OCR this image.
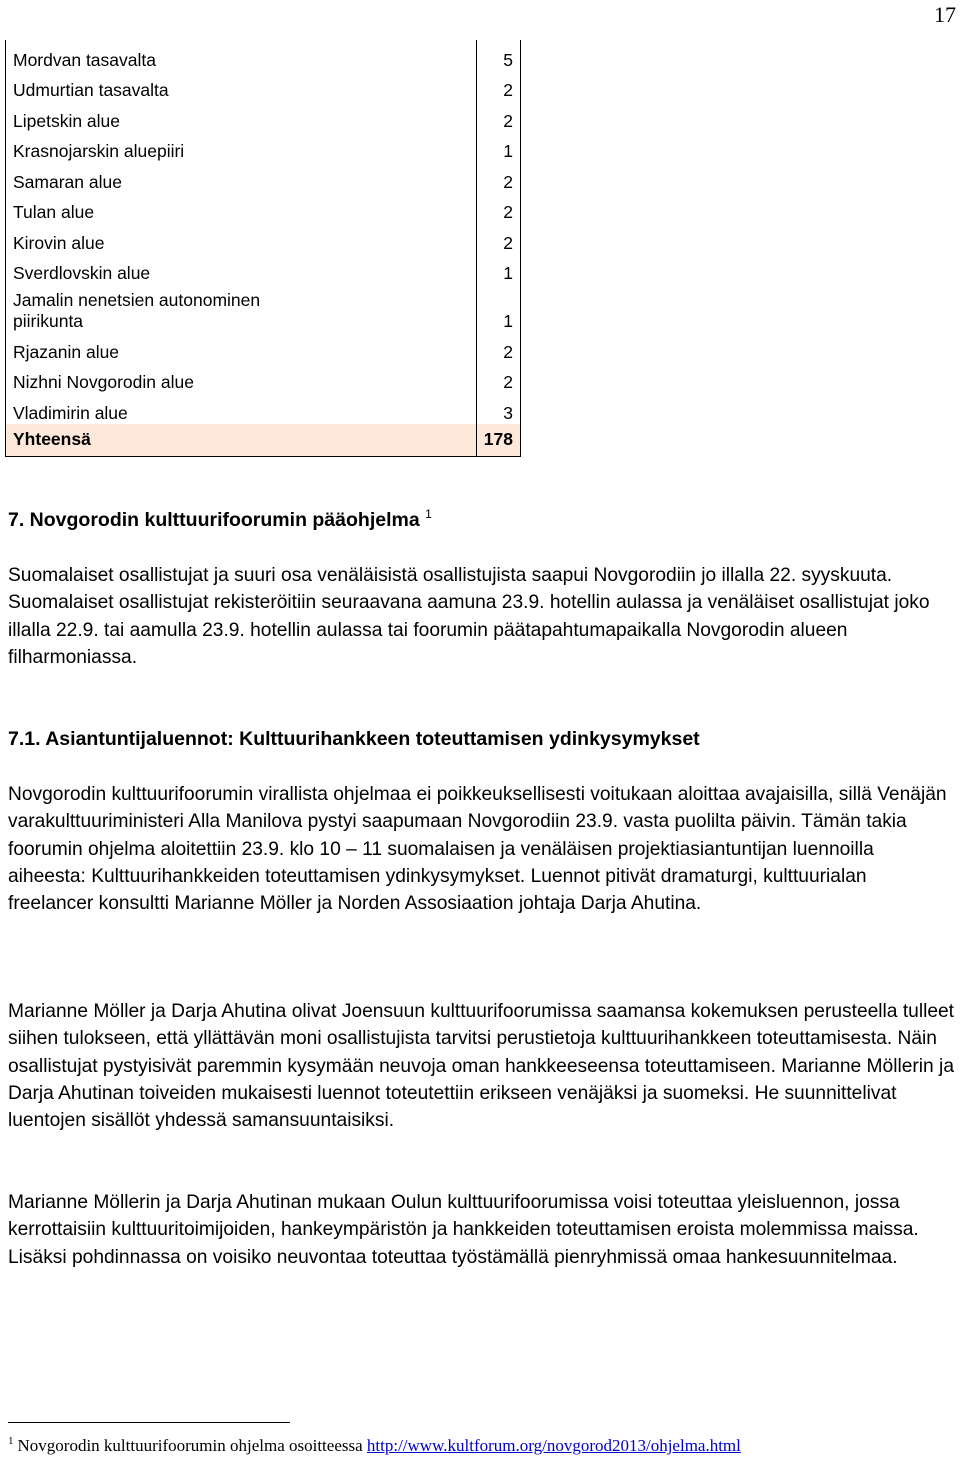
17
Mordvan tasavalta	5
Udmurtian tasavalta	2
Lipetskin alue	2
Krasnojarskin aluepiiri	1
Samaran alue	2
Tulan alue	2
Kirovin alue	2
Sverdlovskin alue	1
Jamalin nenetsien autonominen piirikunta	1
Rjazanin alue	2
Nizhni Novgorodin alue	2
Vladimirin alue	3
Yhteensä	178
7. Novgorodin kulttuurifoorumin pääohjelma $^1$

Suomalaiset osallistujat ja suuri osa venäläisistä osallistujista saapui Novgorodiin jo illalla 22. syyskuuta. Suomalaiset osallistujat rekisteröitiin seuraavana aamuna 23.9. hotellin aulassa ja venäläiset osallistujat joko illalla 22.9. tai aamulla 23.9. hotellin aulassa tai foorumin päätapahtumapaikalla Novgorodin alueen filharmoniassa.

7.1. Asiantuntijaluennot: Kulttuurihankkeen toteuttamisen ydinkysymykset

Novgorodin kulttuurifoorumin virallista ohjelmaa ei poikkeuksellisesti voitukaan aloittaa avajaisilla, sillä Venäjän varakulttuuriministeri Alla Manilova pystyi saapumaan Novgorodiin 23.9. vasta puolilta päivin. Tämän takia foorumin ohjelma aloitettiin 23.9. klo 10 – 11 suomalaisen ja venäläisen projektiasiantuntijan luennoilla aiheesta: Kulttuurihankkeiden toteuttamisen ydinkysymykset. Luennot pitivät dramaturgi, kulttuurialan freelancer konsultti Marianne Möller ja Norden Assosiaation johtaja Darja Ahutina.

Marianne Möller ja Darja Ahutina olivat Joensuun kulttuurifoorumissa saamansa kokemuksen perusteella tulleet siihen tulokseen, että yllättävän moni osallistujista tarvitsi perustietoja kulttuurihankkeen toteuttamisesta. Näin osallistujat pystyisivät paremmin kysymään neuvoja oman hankkeeseensa toteuttamiseen. Marianne Möllerin ja Darja Ahutinan toiveiden mukaisesti luennot toteutettiin erikseen venäjäksi ja suomeksi. He suunnittelivat luentojen sisällöt yhdessä samansuuntaisiksi.

Marianne Möllerin ja Darja Ahutinan mukaan Oulun kulttuurifoorumissa voisi toteuttaa yleisluennon, jossa kerrottaisiin kulttuuritoimijoiden, hankeympäristön ja hankkeiden toteuttamisen eroista molemmissa maissa. Lisäksi pohdinnassa on voisiko neuvontaa toteuttaa työstämällä pienryhmissä omaa hankesuunnitelmaa.

$^1$ Novgorodin kulttuurifoorumin ohjelma osoitteessa http://www.kultforum.org/novgorod2013/ohjelma.html
